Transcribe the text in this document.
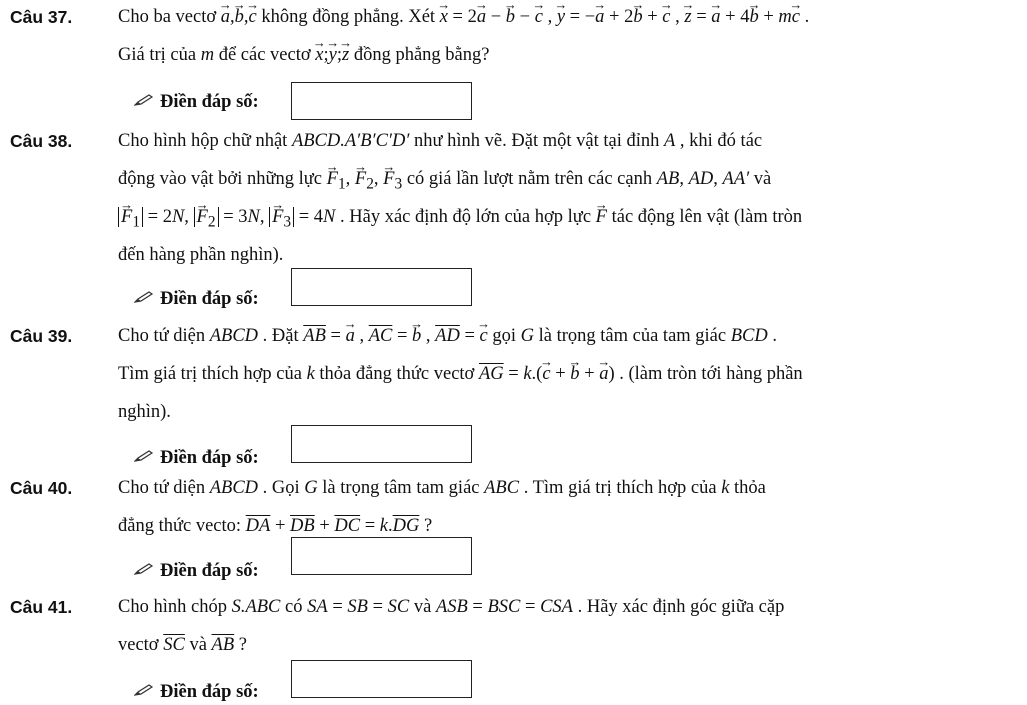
Câu 37. Cho ba vectơ → a,→ b,→ c không đồng phẳng. Xét → x = 2→ a − → b − → c , → y = −→ a + 2→ b + → c , → z = → a + 4→ b + m→ c .
Giá trị của m để các vectơ → x;→ y;→ z đồng phẳng bằng?
Điền đáp số:
Câu 38. Cho hình hộp chữ nhật ABCD.A′B′C′D′ như hình vẽ. Đặt một vật tại đỉnh A , khi đó tác
động vào vật bởi những lực → $F_1$, → $F_2$, → $F_3$ có giá lần lượt nằm trên các cạnh AB, AD, AA′ và
→ $F_1 = 2N$, → $F_2 = 3N$, → $F_3 = 4N$ . Hãy xác định độ lớn của hợp lực → F tác động lên vật (làm tròn
đến hàng phần nghìn).
Điền đáp số:
Câu 39. Cho tứ diện ABCD . Đặt $\overline{AB}$ = → a , $\overline{AC}$ = → b , $\overline{AD}$ = → c gọi G là trọng tâm của tam giác BCD .
Tìm giá trị thích hợp của k thỏa đẳng thức vectơ $\overline{AG} = k.(\to c$ + → b + → a) . (làm tròn tới hàng phần
nghìn).
Điền đáp số:
Câu 40. Cho tứ diện ABCD . Gọi G là trọng tâm tam giác ABC . Tìm giá trị thích hợp của k thỏa
đẳng thức vecto: $\overline{DA} + \overline{DB} + \overline{DC} = k.\overline{DG}$ ?
Điền đáp số:
Câu 41. Cho hình chóp S.ABC có SA = SB = SC và ASB = BSC = CSA . Hãy xác định góc giữa cặp
vectơ $\overline{SC}$ và $\overline{AB}$ ?
Điền đáp số:
